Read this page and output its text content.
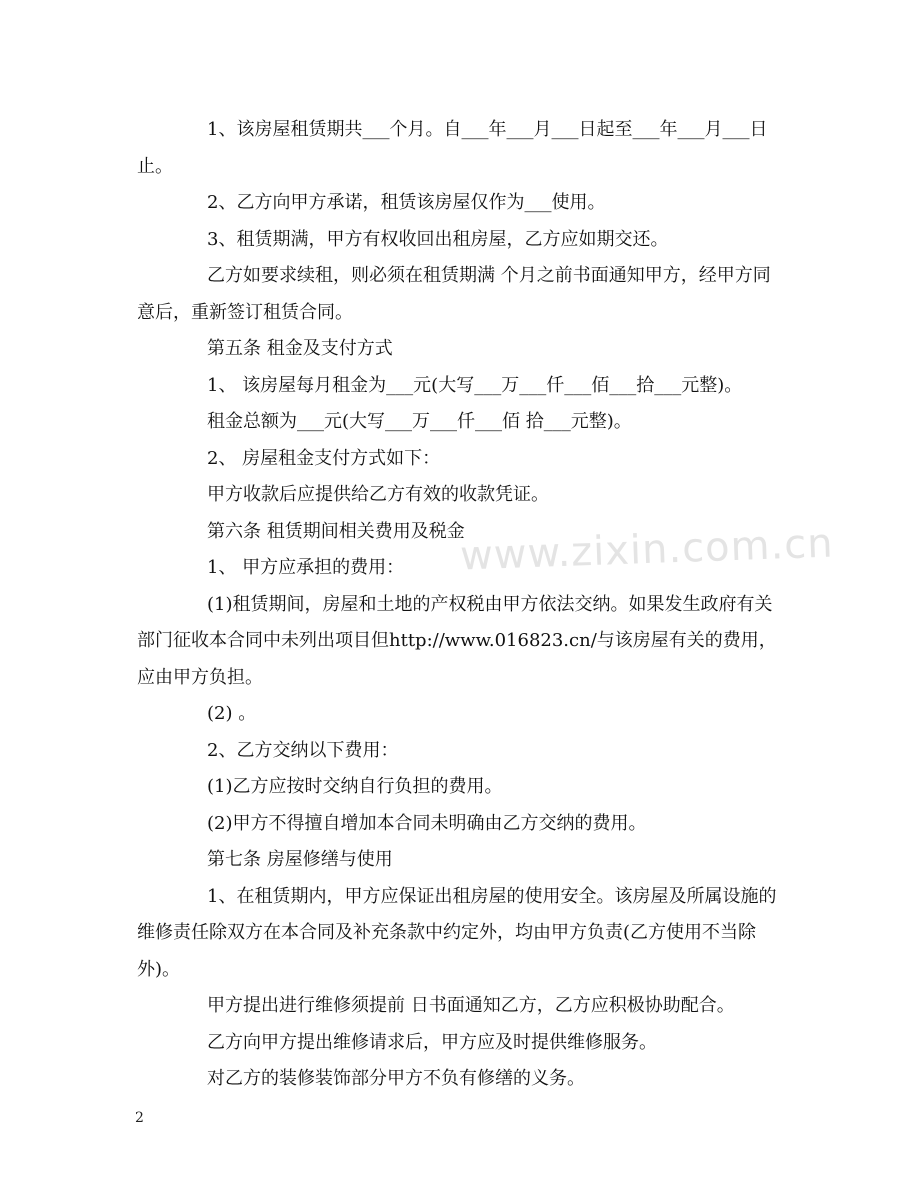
www.zixin.com.cn

1、该房屋租赁期共___个月。自___年___月___日起至___年___月___日止。

2、乙方向甲方承诺，租赁该房屋仅作为___使用。

3、租赁期满，甲方有权收回出租房屋，乙方应如期交还。

乙方如要求续租，则必须在租赁期满 个月之前书面通知甲方，经甲方同意后，重新签订租赁合同。

第五条 租金及支付方式

1、 该房屋每月租金为___元(大写___万___仟___佰___拾___元整)。

租金总额为___元(大写___万___仟___佰 拾___元整)。

2、 房屋租金支付方式如下：

甲方收款后应提供给乙方有效的收款凭证。

第六条 租赁期间相关费用及税金

1、 甲方应承担的费用：

(1)租赁期间，房屋和土地的产权税由甲方依法交纳。如果发生政府有关部门征收本合同中未列出项目但http://www.016823.cn/与该房屋有关的费用，应由甲方负担。

(2) 。

2、乙方交纳以下费用：

(1)乙方应按时交纳自行负担的费用。

(2)甲方不得擅自增加本合同未明确由乙方交纳的费用。

第七条 房屋修缮与使用

1、在租赁期内，甲方应保证出租房屋的使用安全。该房屋及所属设施的维修责任除双方在本合同及补充条款中约定外，均由甲方负责(乙方使用不当除外)。

甲方提出进行维修须提前 日书面通知乙方，乙方应积极协助配合。

乙方向甲方提出维修请求后，甲方应及时提供维修服务。

对乙方的装修装饰部分甲方不负有修缮的义务。

2
